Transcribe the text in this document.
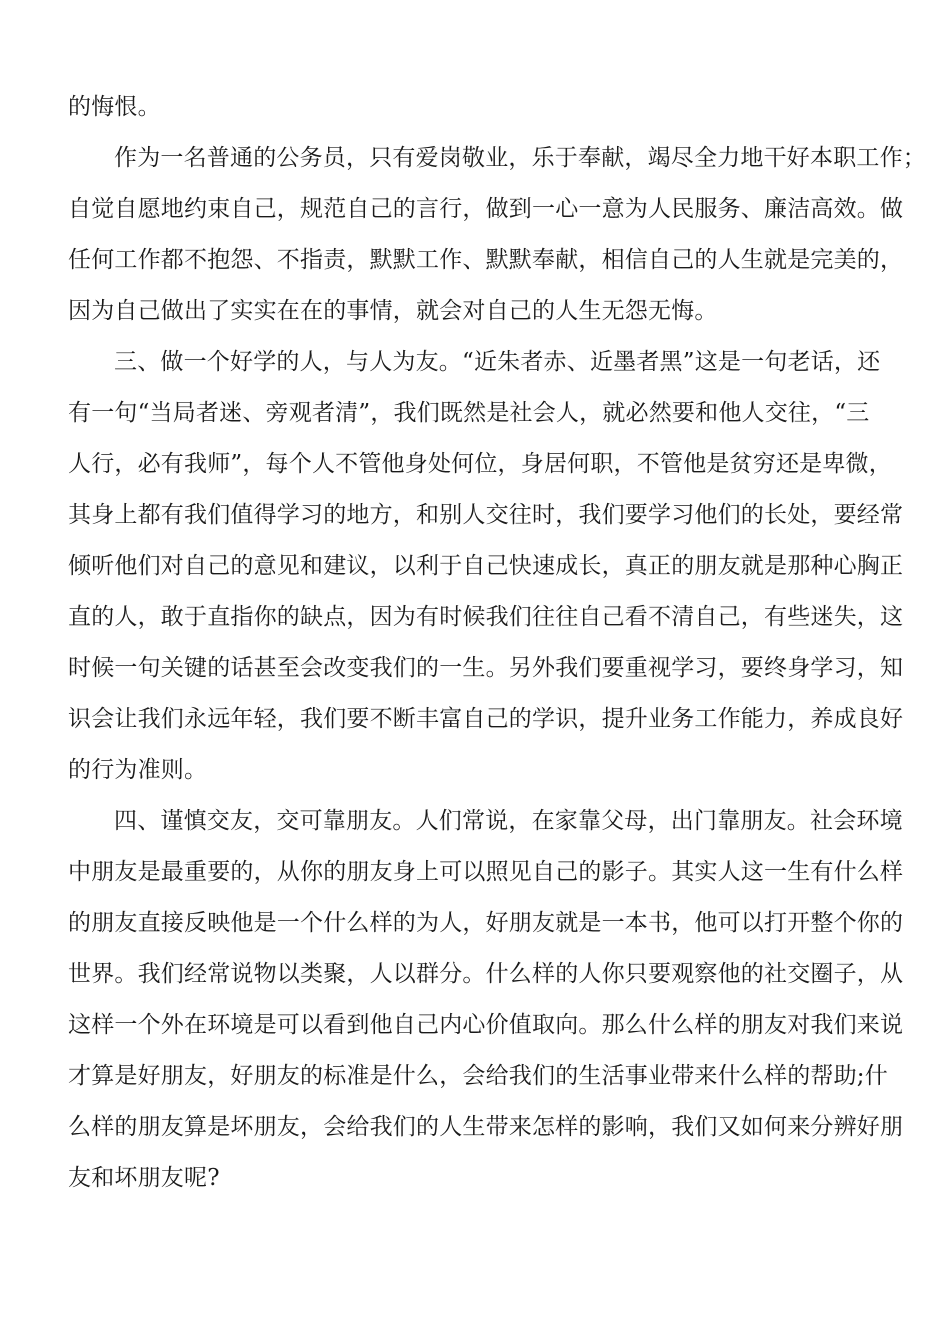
的悔恨。
作为一名普通的公务员，只有爱岗敬业，乐于奉献，竭尽全力地干好本职工作；
自觉自愿地约束自己，规范自己的言行，做到一心一意为人民服务、廉洁高效。做
任何工作都不抱怨、不指责，默默工作、默默奉献，相信自己的人生就是完美的，
因为自己做出了实实在在的事情，就会对自己的人生无怨无悔。
三、做一个好学的人，与人为友。“近朱者赤、近墨者黑”这是一句老话，还
有一句“当局者迷、旁观者清”，我们既然是社会人，就必然要和他人交往，“三
人行，必有我师”，每个人不管他身处何位，身居何职，不管他是贫穷还是卑微，
其身上都有我们值得学习的地方，和别人交往时，我们要学习他们的长处，要经常
倾听他们对自己的意见和建议，以利于自己快速成长，真正的朋友就是那种心胸正
直的人，敢于直指你的缺点，因为有时候我们往往自己看不清自己，有些迷失，这
时候一句关键的话甚至会改变我们的一生。另外我们要重视学习，要终身学习，知
识会让我们永远年轻，我们要不断丰富自己的学识，提升业务工作能力，养成良好
的行为准则。
四、谨慎交友，交可靠朋友。人们常说，在家靠父母，出门靠朋友。社会环境
中朋友是最重要的，从你的朋友身上可以照见自己的影子。其实人这一生有什么样
的朋友直接反映他是一个什么样的为人，好朋友就是一本书，他可以打开整个你的
世界。我们经常说物以类聚，人以群分。什么样的人你只要观察他的社交圈子，从
这样一个外在环境是可以看到他自己内心价值取向。那么什么样的朋友对我们来说
才算是好朋友，好朋友的标准是什么，会给我们的生活事业带来什么样的帮助;什
么样的朋友算是坏朋友，会给我们的人生带来怎样的影响，我们又如何来分辨好朋
友和坏朋友呢?
